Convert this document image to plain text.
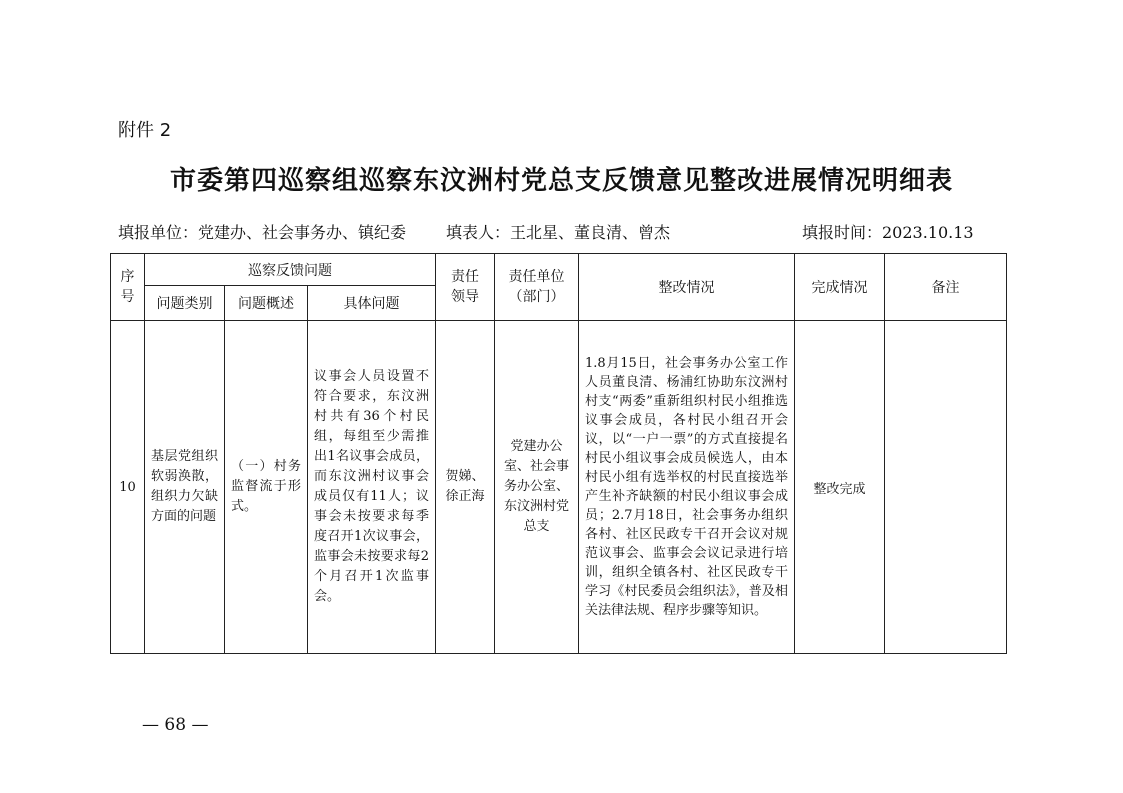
附件 2
市委第四巡察组巡察东汶洲村党总支反馈意见整改进展情况明细表
填报单位：党建办、社会事务办、镇纪委 填表人：王北星、董良清、曾杰	填报时间：2023.10.13
序号	巡察反馈问题			责任领导	责任单位（部门）	整改情况	完成情况	备注
	问题类别	问题概述	具体问题					
10	基层党组织软弱涣散，组织力欠缺方面的问题	（一）村务监督流于形式。	议事会人员设置不符合要求，东汶洲村共有36个村民组，每组至少需推出1名议事会成员，而东汶洲村议事会成员仅有11人；议事会未按要求每季度召开1次议事会，监事会未按要求每2个月召开1次监事会。	贺娣、徐正海	党建办公室、社会事务办公室、东汶洲村党总支	1.8月15日，社会事务办公室工作人员董良清、杨浦红协助东汶洲村村支“两委”重新组织村民小组推选议事会成员，各村民小组召开会议，以“一户一票”的方式直接提名村民小组议事会成员候选人，由本村民小组有选举权的村民直接选举产生补齐缺额的村民小组议事会成员；2.7月18日，社会事务办组织各村、社区民政专干召开会议对规范议事会、监事会会议记录进行培训，组织全镇各村、社区民政专干学习《村民委员会组织法》，普及相关法律法规、程序步骤等知识。	整改完成	
— 68 —
